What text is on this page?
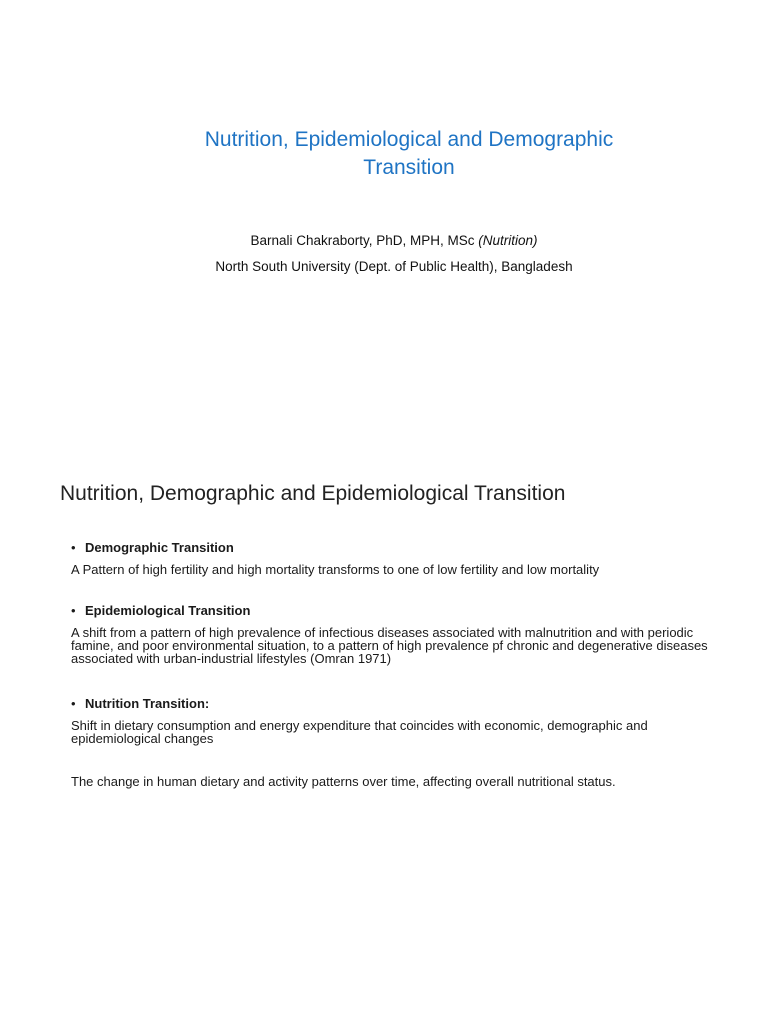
Nutrition, Epidemiological and Demographic
Transition
Barnali Chakraborty, PhD, MPH, MSc (Nutrition)
North South University (Dept. of Public Health), Bangladesh
Nutrition, Demographic and Epidemiological Transition
• Demographic Transition
A Pattern of high fertility and high mortality transforms to one of low fertility and low mortality
• Epidemiological Transition
A shift from a pattern of high prevalence of infectious diseases associated with malnutrition and with periodic famine, and poor environmental situation, to a pattern of high prevalence pf chronic and degenerative diseases associated with urban-industrial lifestyles (Omran 1971)
• Nutrition Transition:
Shift in dietary consumption and energy expenditure that coincides with economic, demographic and epidemiological changes
The change in human dietary and activity patterns over time, affecting overall nutritional status.
